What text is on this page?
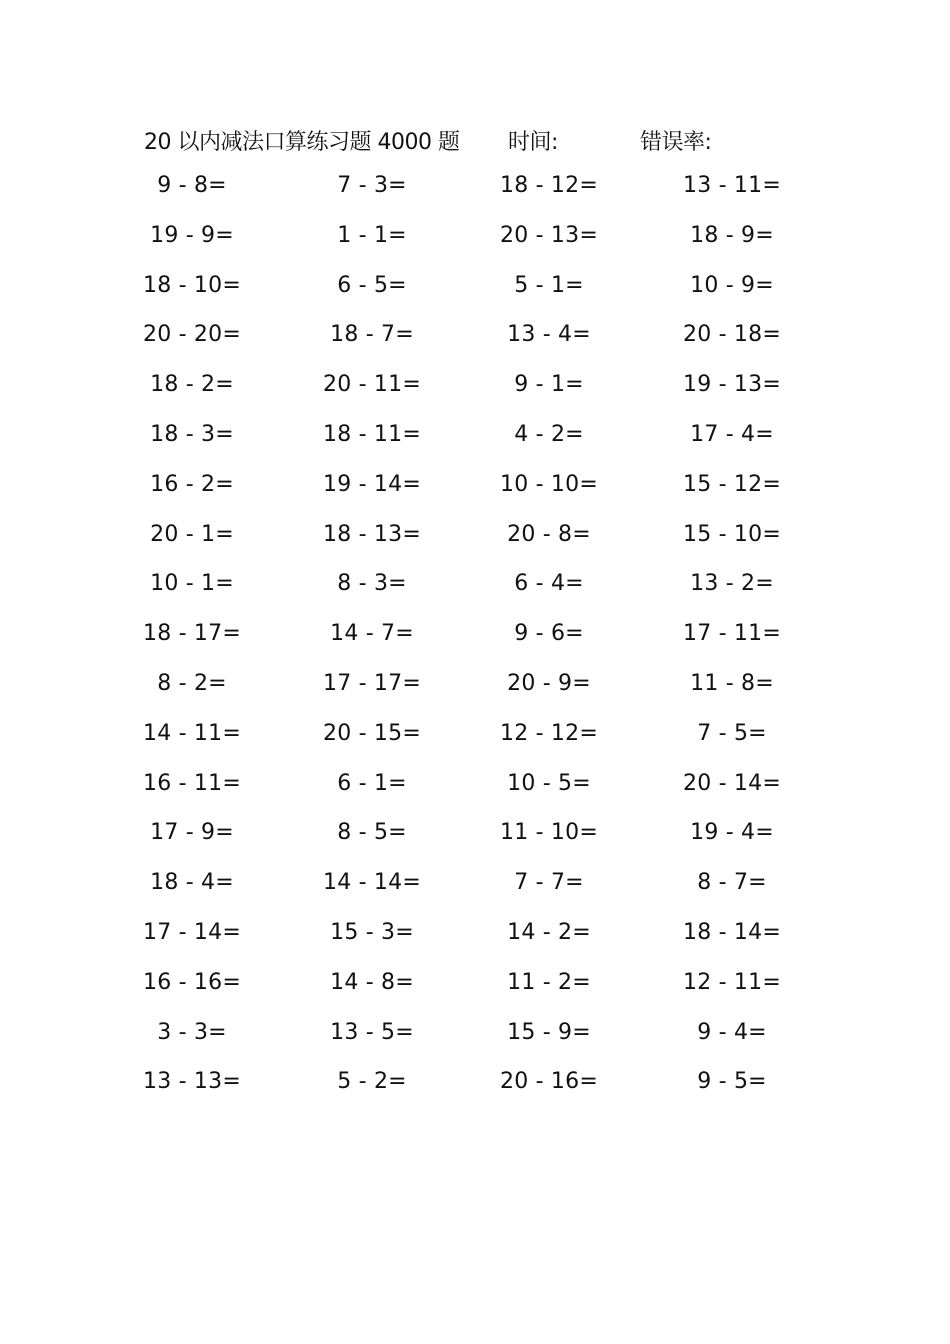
20 以内减法口算练习题 4000 题 时间:	错误率:
9 - 8=	7 - 3=	18 - 12=	13 - 11=
19 - 9=	1 - 1=	20 - 13=	18 - 9=
18 - 10=	6 - 5=	5 - 1=	10 - 9=
20 - 20=	18 - 7=	13 - 4=	20 - 18=
18 - 2=	20 - 11=	9 - 1=	19 - 13=
18 - 3=	18 - 11=	4 - 2=	17 - 4=
16 - 2=	19 - 14=	10 - 10=	15 - 12=
20 - 1=	18 - 13=	20 - 8=	15 - 10=
10 - 1=	8 - 3=	6 - 4=	13 - 2=
18 - 17=	14 - 7=	9 - 6=	17 - 11=
8 - 2=	17 - 17=	20 - 9=	11 - 8=
14 - 11=	20 - 15=	12 - 12=	7 - 5=
16 - 11=	6 - 1=	10 - 5=	20 - 14=
17 - 9=	8 - 5=	11 - 10=	19 - 4=
18 - 4=	14 - 14=	7 - 7=	8 - 7=
17 - 14=	15 - 3=	14 - 2=	18 - 14=
16 - 16=	14 - 8=	11 - 2=	12 - 11=
3 - 3=	13 - 5=	15 - 9=	9 - 4=
13 - 13=	5 - 2=	20 - 16=	9 - 5=
